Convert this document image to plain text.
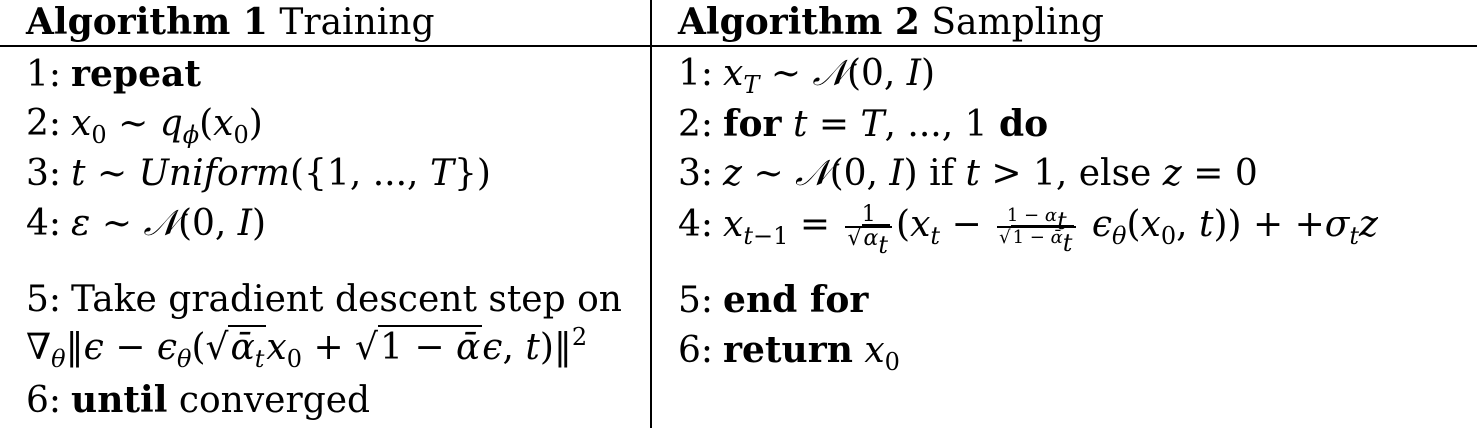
Algorithm 1 Training
1: repeat
2: $x_0$ ∼ $q_\phi(x_0)$
3: t ∼ Uniform({1, ..., T})
4: ε ∼ 𝒩(0, I)
5: Take gradient descent step on
$\nabla_\theta‖\epsilon$ − $\epsilon_\theta(√ᾱ_tx_0 + √1$ − ᾱϵ, t)‖$^2$
6: until converged
Algorithm 2 Sampling
1: $x_T$ ∼ 𝒩(0, I)
2: for t = T, ..., 1 do
3: z ∼ 𝒩(0, I) if t > 1, else z = 0
4: $x_{t-1} = \frac{1}{√\alpha_t} (x_t - \frac{1 - \alpha_t}{√ 1 - ᾱ_t} \epsilon_\theta(x_0$, $t)) + +\sigma_tz$
5: end for
6: return $x_0$
